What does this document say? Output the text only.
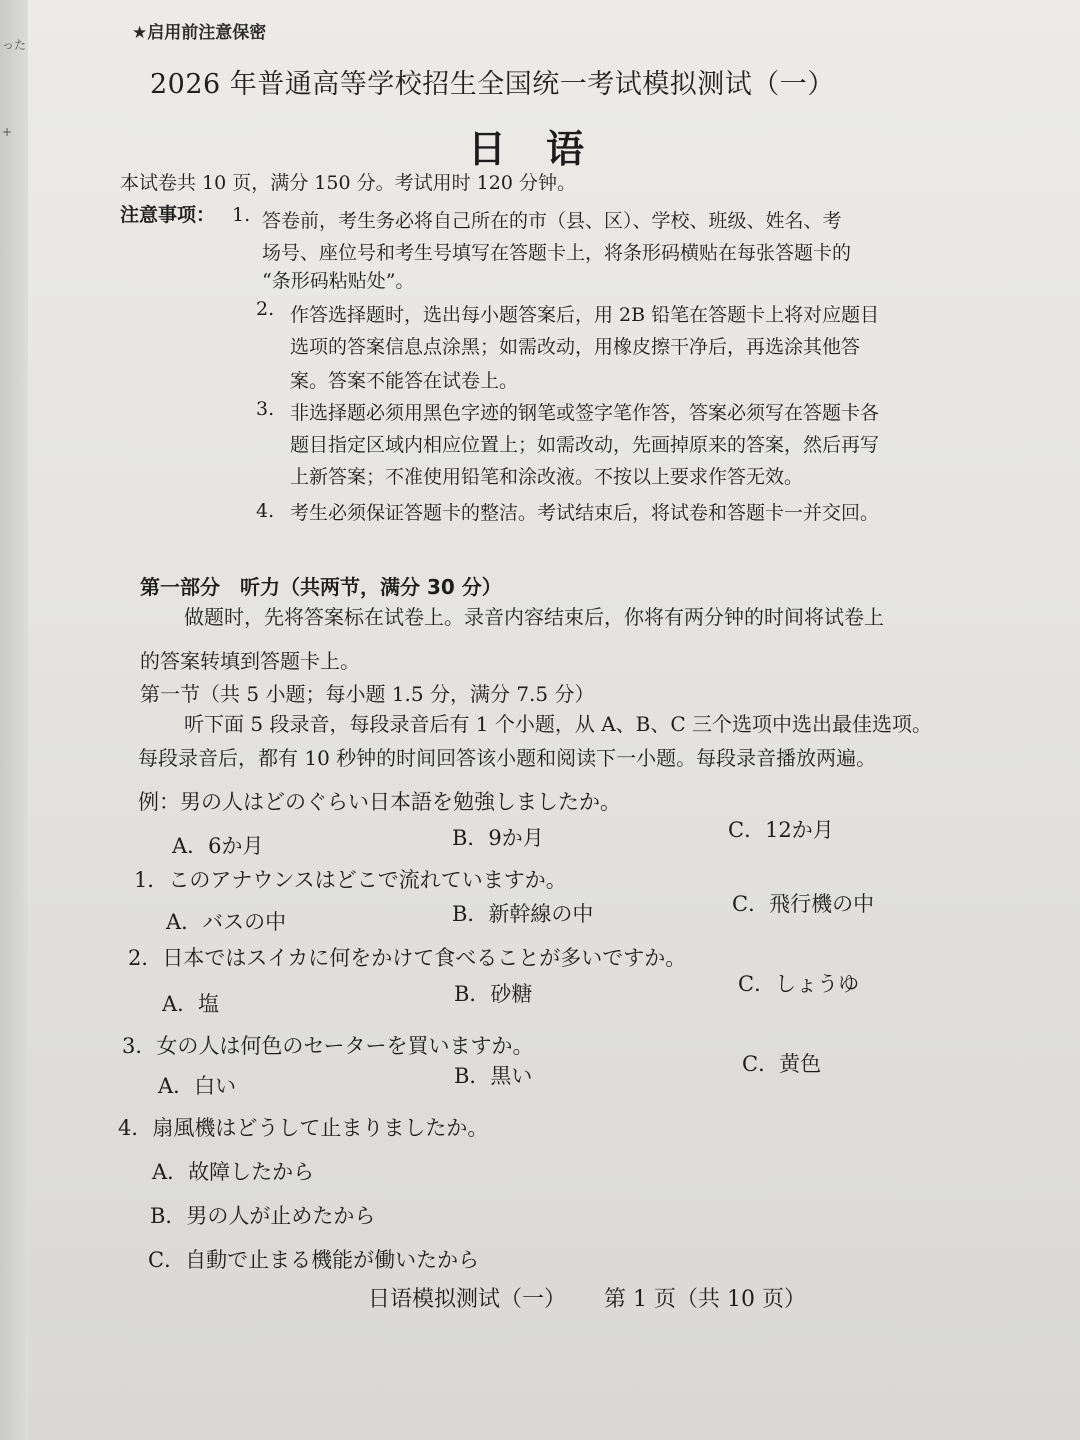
った
+
★启用前注意保密
2026 年普通高等学校招生全国统一考试模拟测试（一）
日语
本试卷共 10 页，满分 150 分。考试用时 120 分钟。
注意事项： 1. 答卷前，考生务必将自己所在的市（县、区）、学校、班级、姓名、考
场号、座位号和考生号填写在答题卡上，将条形码横贴在每张答题卡的
“条形码粘贴处”。
2. 作答选择题时，选出每小题答案后，用 2B 铅笔在答题卡上将对应题目
选项的答案信息点涂黑；如需改动，用橡皮擦干净后，再选涂其他答
案。答案不能答在试卷上。
3. 非选择题必须用黑色字迹的钢笔或签字笔作答，答案必须写在答题卡各
题目指定区域内相应位置上；如需改动，先画掉原来的答案，然后再写
上新答案；不准使用铅笔和涂改液。不按以上要求作答无效。
4. 考生必须保证答题卡的整洁。考试结束后，将试卷和答题卡一并交回。
第一部分　听力（共两节，满分 30 分）
做题时，先将答案标在试卷上。录音内容结束后，你将有两分钟的时间将试卷上
的答案转填到答题卡上。
第一节（共 5 小题；每小题 1.5 分，满分 7.5 分）
听下面 5 段录音，每段录音后有 1 个小题，从 A、B、C 三个选项中选出最佳选项。
每段录音后，都有 10 秒钟的时间回答该小题和阅读下一小题。每段录音播放两遍。
例：男の人はどのぐらい日本語を勉強しましたか。
A．6か月	B．9か月	C．12か月
1．このアナウンスはどこで流れていますか。
A．バスの中	B．新幹線の中	C．飛行機の中
2．日本ではスイカに何をかけて食べることが多いですか。
A．塩	B．砂糖	C．しょうゆ
3．女の人は何色のセーターを買いますか。
A．白い	B．黒い	C．黄色
4．扇風機はどうして止まりましたか。
A．故障したから
B．男の人が止めたから
C．自動で止まる機能が働いたから
日语模拟测试（一） 第 1 页（共 10 页）
